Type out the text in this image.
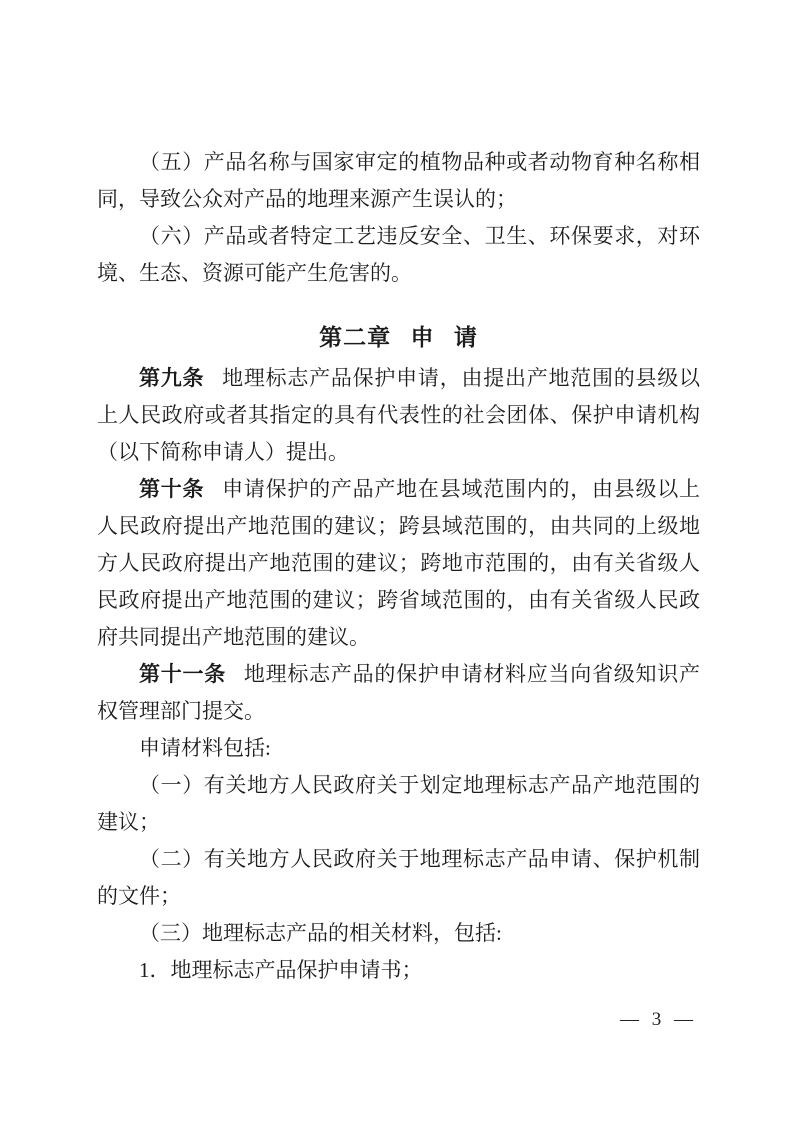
（五）产品名称与国家审定的植物品种或者动物育种名称相同，导致公众对产品的地理来源产生误认的；

（六）产品或者特定工艺违反安全、卫生、环保要求，对环境、生态、资源可能产生危害的。

第二章 申 请

第九条 地理标志产品保护申请，由提出产地范围的县级以上人民政府或者其指定的具有代表性的社会团体、保护申请机构（以下简称申请人）提出。

第十条 申请保护的产品产地在县域范围内的，由县级以上人民政府提出产地范围的建议；跨县域范围的，由共同的上级地方人民政府提出产地范围的建议；跨地市范围的，由有关省级人民政府提出产地范围的建议；跨省域范围的，由有关省级人民政府共同提出产地范围的建议。

第十一条 地理标志产品的保护申请材料应当向省级知识产权管理部门提交。

申请材料包括:

（一）有关地方人民政府关于划定地理标志产品产地范围的建议；

（二）有关地方人民政府关于地理标志产品申请、保护机制的文件；

（三）地理标志产品的相关材料，包括:

1．地理标志产品保护申请书；

— 3 —
